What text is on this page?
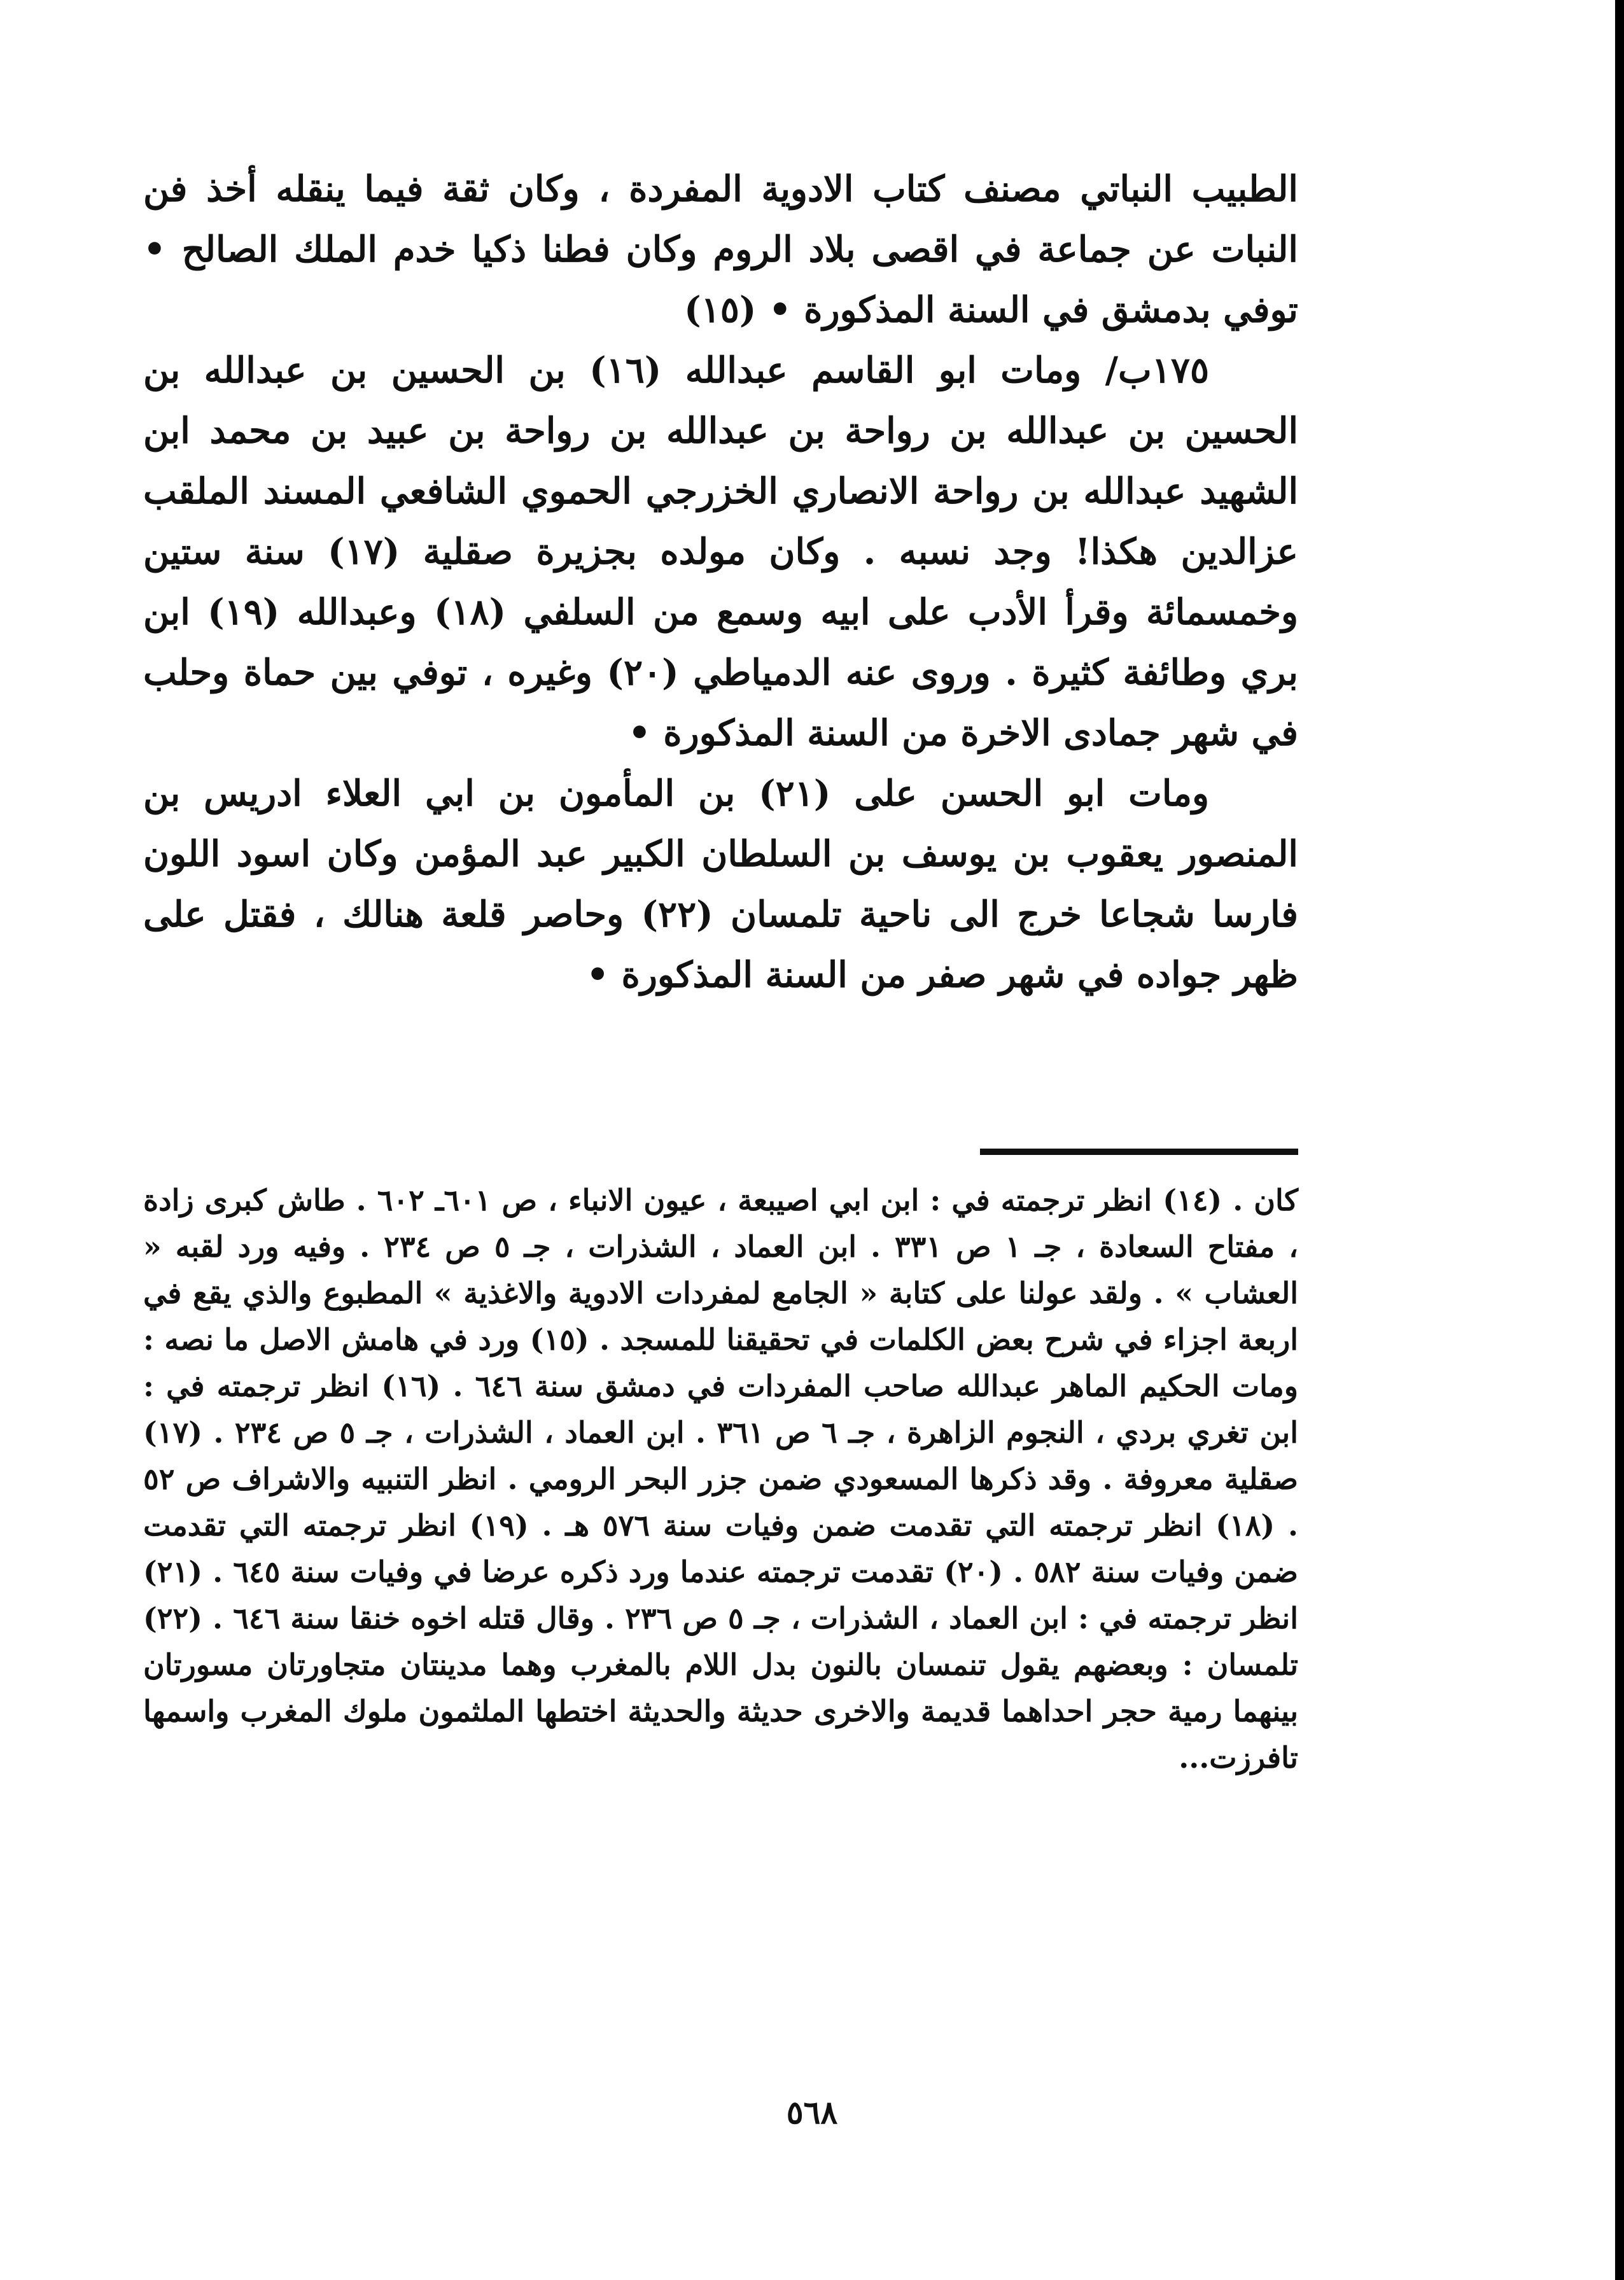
الطبيب النباتي مصنف كتاب الادوية المفردة ، وكان ثقة فيما ينقله أخذ فن النبات عن جماعة في اقصى بلاد الروم وكان فطنا ذكيا خدم الملك الصالح • توفي بدمشق في السنة المذكورة • (١٥)

١٧٥ب/ ومات ابو القاسم عبدالله (١٦) بن الحسين بن عبدالله بن الحسين بن عبدالله بن رواحة بن عبدالله بن رواحة بن عبيد بن محمد ابن الشهيد عبدالله بن رواحة الانصاري الخزرجي الحموي الشافعي المسند الملقب عزالدين هكذا! وجد نسبه . وكان مولده بجزيرة صقلية (١٧) سنة ستين وخمسمائة وقرأ الأدب على ابيه وسمع من السلفي (١٨) وعبدالله (١٩) ابن بري وطائفة كثيرة . وروى عنه الدمياطي (٢٠) وغيره ، توفي بين حماة وحلب في شهر جمادى الاخرة من السنة المذكورة •

ومات ابو الحسن على (٢١) بن المأمون بن ابي العلاء ادريس بن المنصور يعقوب بن يوسف بن السلطان الكبير عبد المؤمن وكان اسود اللون فارسا شجاعا خرج الى ناحية تلمسان (٢٢) وحاصر قلعة هنالك ، فقتل على ظهر جواده في شهر صفر من السنة المذكورة •

كان . (١٤) انظر ترجمته في : ابن ابي اصيبعة ، عيون الانباء ، ص ٦٠١ـ ٦٠٢ . طاش كبرى زادة ، مفتاح السعادة ، جـ ١ ص ٣٣١ . ابن العماد ، الشذرات ، جـ ٥ ص ٢٣٤ . وفيه ورد لقبه « العشاب » . ولقد عولنا على كتابة « الجامع لمفردات الادوية والاغذية » المطبوع والذي يقع في اربعة اجزاء في شرح بعض الكلمات في تحقيقنا للمسجد . (١٥) ورد في هامش الاصل ما نصه : ومات الحكيم الماهر عبدالله صاحب المفردات في دمشق سنة ٦٤٦ . (١٦) انظر ترجمته في : ابن تغري بردي ، النجوم الزاهرة ، جـ ٦ ص ٣٦١ . ابن العماد ، الشذرات ، جـ ٥ ص ٢٣٤ . (١٧) صقلية معروفة . وقد ذكرها المسعودي ضمن جزر البحر الرومي . انظر التنبيه والاشراف ص ٥٢ . (١٨) انظر ترجمته التي تقدمت ضمن وفيات سنة ٥٧٦ هـ . (١٩) انظر ترجمته التي تقدمت ضمن وفيات سنة ٥٨٢ . (٢٠) تقدمت ترجمته عندما ورد ذكره عرضا في وفيات سنة ٦٤٥ . (٢١) انظر ترجمته في : ابن العماد ، الشذرات ، جـ ٥ ص ٢٣٦ . وقال قتله اخوه خنقا سنة ٦٤٦ . (٢٢) تلمسان : وبعضهم يقول تنمسان بالنون بدل اللام بالمغرب وهما مدينتان متجاورتان مسورتان بينهما رمية حجر احداهما قديمة والاخرى حديثة والحديثة اختطها الملثمون ملوك المغرب واسمها تافرزت...

٥٦٨
